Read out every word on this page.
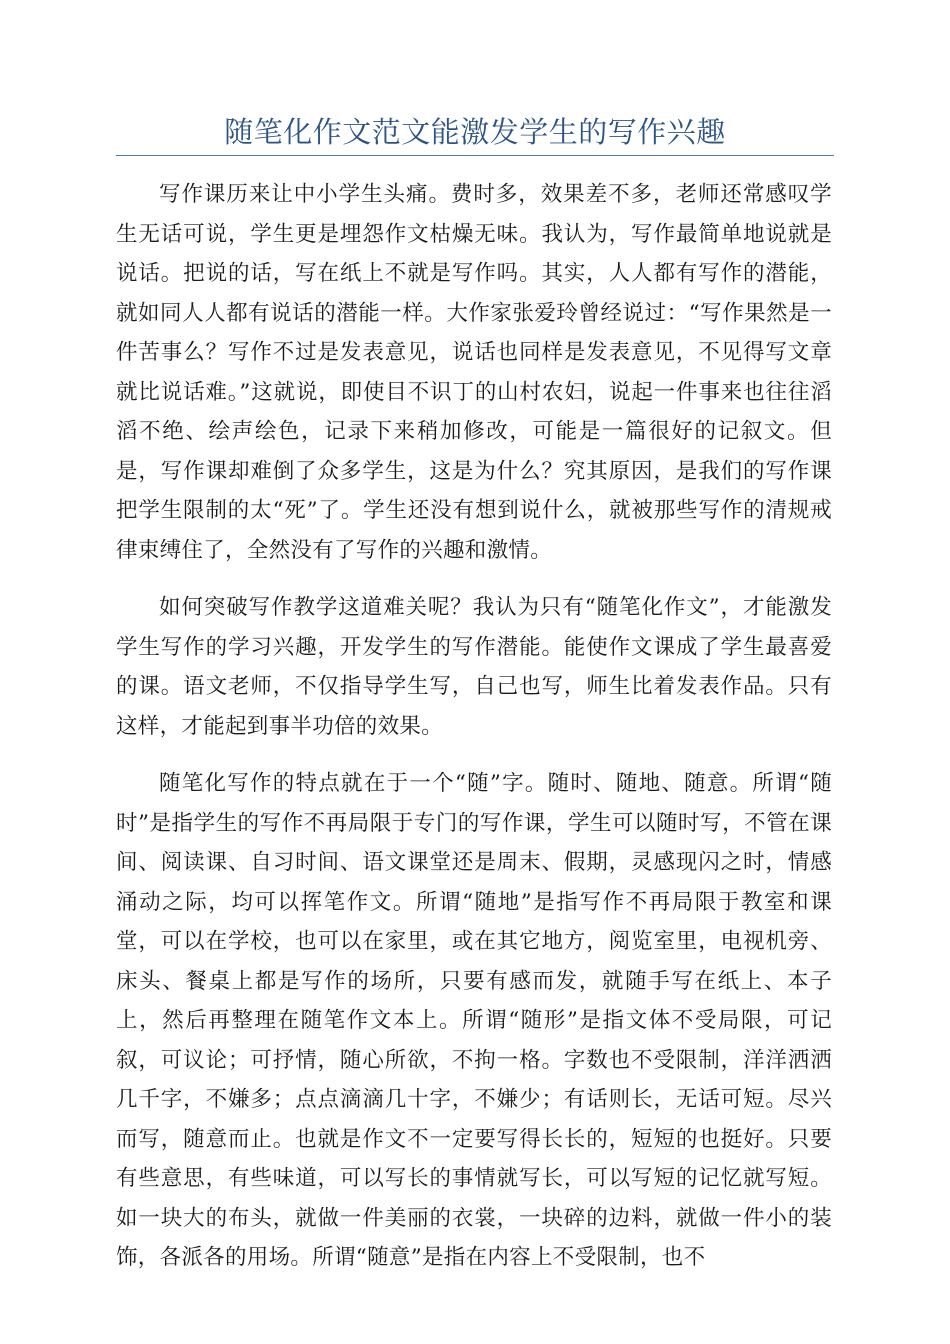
随笔化作文范文能激发学生的写作兴趣

写作课历来让中小学生头痛。费时多，效果差不多，老师还常感叹学生无话可说，学生更是埋怨作文枯燥无味。我认为，写作最简单地说就是说话。把说的话，写在纸上不就是写作吗。其实，人人都有写作的潜能，就如同人人都有说话的潜能一样。大作家张爱玲曾经说过：“写作果然是一件苦事么？写作不过是发表意见，说话也同样是发表意见，不见得写文章就比说话难。”这就说，即使目不识丁的山村农妇，说起一件事来也往往滔滔不绝、绘声绘色，记录下来稍加修改，可能是一篇很好的记叙文。但是，写作课却难倒了众多学生，这是为什么？究其原因，是我们的写作课把学生限制的太“死”了。学生还没有想到说什么，就被那些写作的清规戒律束缚住了，全然没有了写作的兴趣和激情。

如何突破写作教学这道难关呢？我认为只有“随笔化作文”，才能激发学生写作的学习兴趣，开发学生的写作潜能。能使作文课成了学生最喜爱的课。语文老师，不仅指导学生写，自己也写，师生比着发表作品。只有这样，才能起到事半功倍的效果。

随笔化写作的特点就在于一个“随”字。随时、随地、随意。所谓“随时”是指学生的写作不再局限于专门的写作课，学生可以随时写，不管在课间、阅读课、自习时间、语文课堂还是周末、假期，灵感现闪之时，情感涌动之际，均可以挥笔作文。所谓“随地”是指写作不再局限于教室和课堂，可以在学校，也可以在家里，或在其它地方，阅览室里，电视机旁、床头、餐桌上都是写作的场所，只要有感而发，就随手写在纸上、本子上，然后再整理在随笔作文本上。所谓“随形”是指文体不受局限，可记叙，可议论；可抒情，随心所欲，不拘一格。字数也不受限制，洋洋洒洒几千字，不嫌多；点点滴滴几十字，不嫌少；有话则长，无话可短。尽兴而写，随意而止。也就是作文不一定要写得长长的，短短的也挺好。只要有些意思，有些味道，可以写长的事情就写长，可以写短的记忆就写短。如一块大的布头，就做一件美丽的衣裳，一块碎的边料，就做一件小的装饰，各派各的用场。所谓“随意”是指在内容上不受限制，也不
